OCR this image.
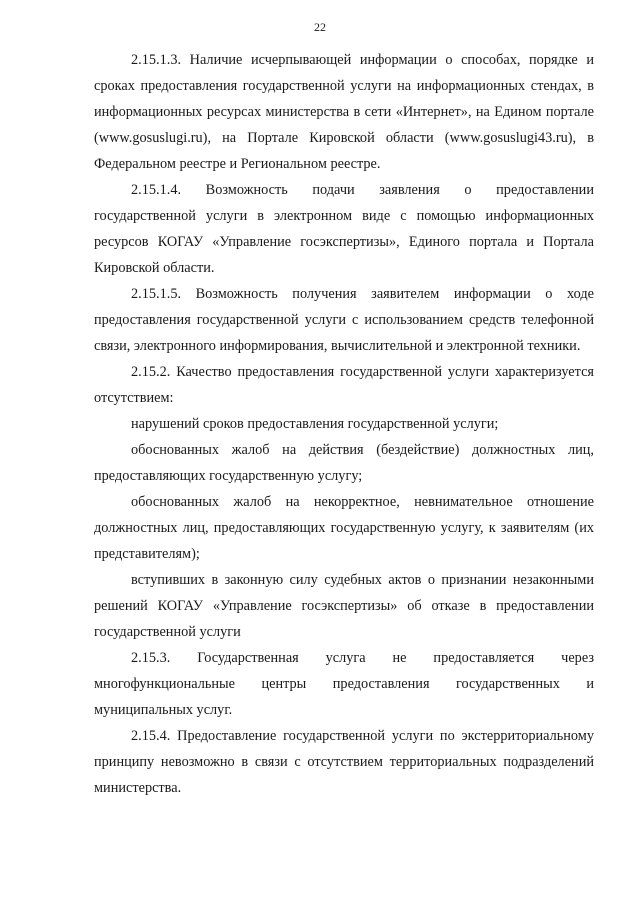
22

2.15.1.3. Наличие исчерпывающей информации о способах, порядке и сроках предоставления государственной услуги на информационных стендах, в информационных ресурсах министерства в сети «Интернет», на Едином портале (www.gosuslugi.ru), на Портале Кировской области (www.gosuslugi43.ru), в Федеральном реестре и Региональном реестре.

2.15.1.4. Возможность подачи заявления о предоставлении государственной услуги в электронном виде с помощью информационных ресурсов КОГАУ «Управление госэкспертизы», Единого портала и Портала Кировской области.

2.15.1.5. Возможность получения заявителем информации о ходе предоставления государственной услуги с использованием средств телефонной связи, электронного информирования, вычислительной и электронной техники.

2.15.2. Качество предоставления государственной услуги характеризуется отсутствием:

нарушений сроков предоставления государственной услуги;

обоснованных жалоб на действия (бездействие) должностных лиц, предоставляющих государственную услугу;

обоснованных жалоб на некорректное, невнимательное отношение должностных лиц, предоставляющих государственную услугу, к заявителям (их представителям);

вступивших в законную силу судебных актов о признании незаконными решений КОГАУ «Управление госэкспертизы» об отказе в предоставлении государственной услуги

2.15.3. Государственная услуга не предоставляется через многофункциональные центры предоставления государственных и муниципальных услуг.

2.15.4. Предоставление государственной услуги по экстерриториальному принципу невозможно в связи с отсутствием территориальных подразделений министерства.
